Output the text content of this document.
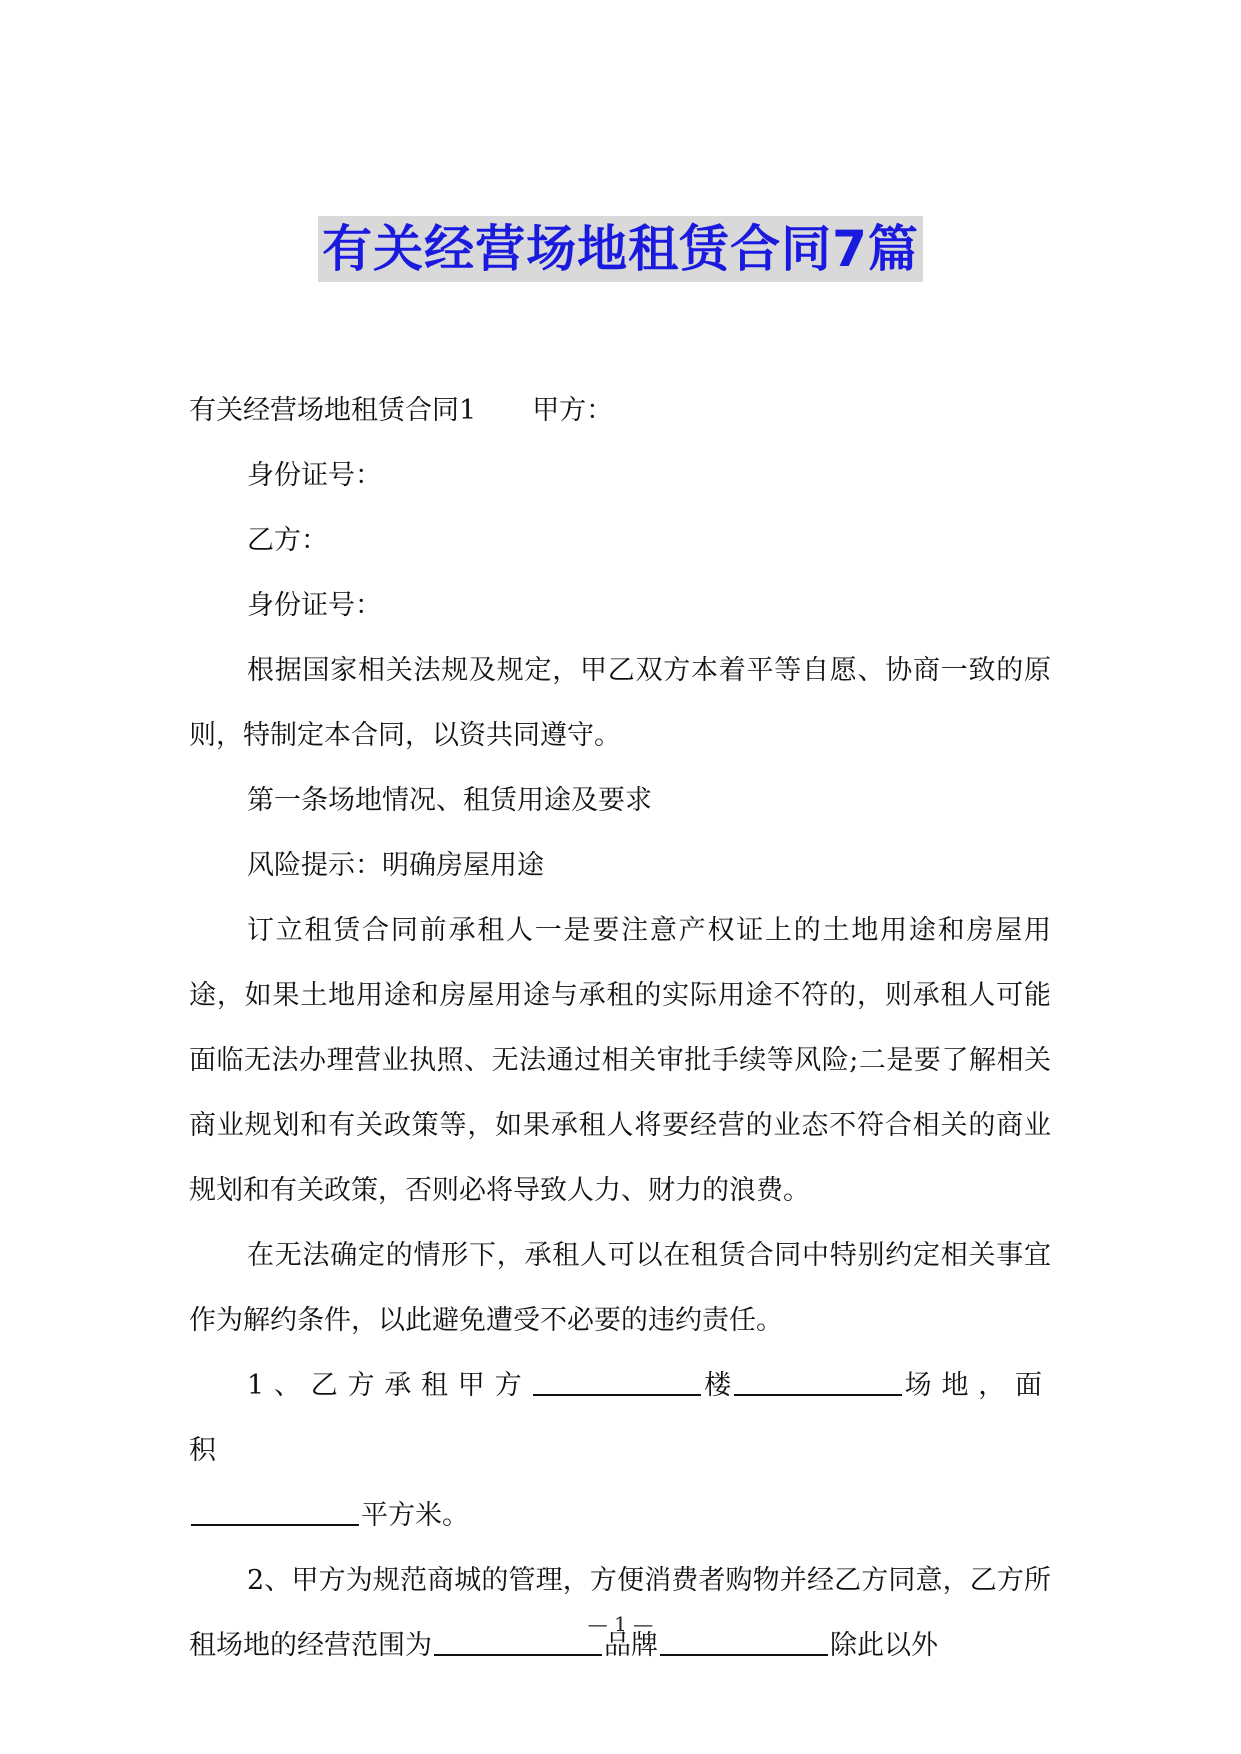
有关经营场地租赁合同7篇

有关经营场地租赁合同1 甲方：

身份证号：

乙方：

身份证号：

根据国家相关法规及规定，甲乙双方本着平等自愿、协商一致的原则，特制定本合同，以资共同遵守。

第一条场地情况、租赁用途及要求

风险提示：明确房屋用途

订立租赁合同前承租人一是要注意产权证上的土地用途和房屋用途，如果土地用途和房屋用途与承租的实际用途不符的，则承租人可能面临无法办理营业执照、无法通过相关审批手续等风险;二是要了解相关商业规划和有关政策等，如果承租人将要经营的业态不符合相关的商业规划和有关政策，否则必将导致人力、财力的浪费。

在无法确定的情形下，承租人可以在租赁合同中特别约定相关事宜作为解约条件，以此避免遭受不必要的违约责任。

1、乙方承租甲方	楼	场地，面积
平方米。

2、甲方为规范商城的管理，方便消费者购物并经乙方同意，乙方所租场地的经营范围为	品牌	除此以外

— 1 —
